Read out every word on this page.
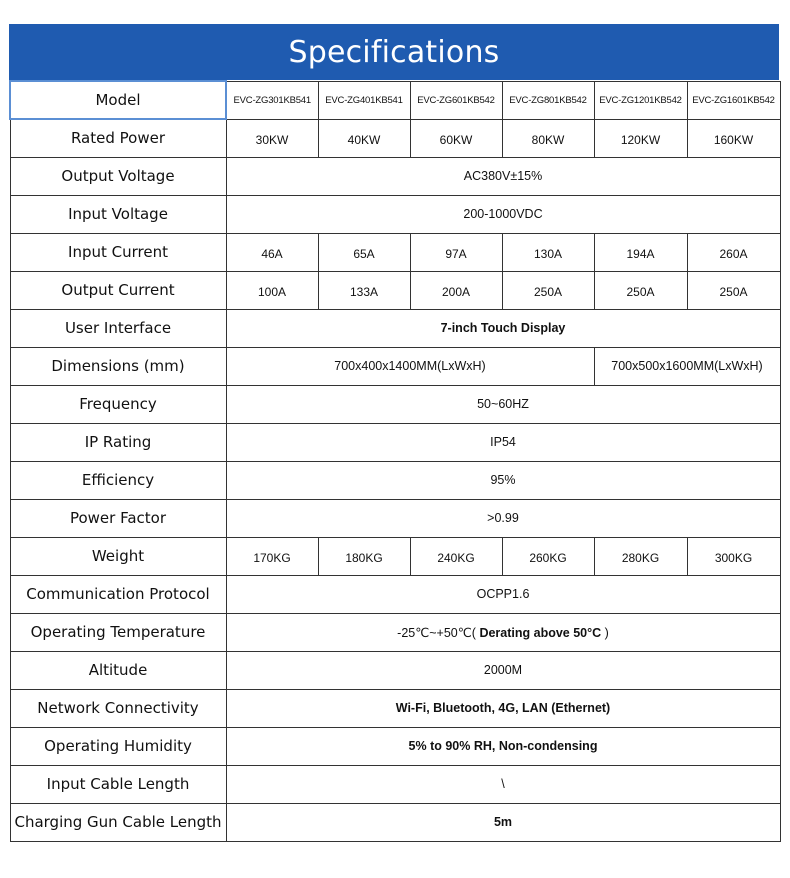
Specifications
Model	EVC-ZG301KB541	EVC-ZG401KB541	EVC-ZG601KB542	EVC-ZG801KB542	EVC-ZG1201KB542	EVC-ZG1601KB542
Rated Power	30KW	40KW	60KW	80KW	120KW	160KW
Output Voltage	AC380V±15%					
Input Voltage	200-1000VDC					
Input Current	46A	65A	97A	130A	194A	260A
Output Current	100A	133A	200A	250A	250A	250A
User Interface	7-inch Touch Display					
Dimensions (mm)	700x400x1400MM(LxWxH)				700x500x1600MM(LxWxH)	
Frequency	50~60HZ					
IP Rating	IP54					
Efficiency	95%					
Power Factor	>0.99					
Weight	170KG	180KG	240KG	260KG	280KG	300KG
Communication Protocol	OCPP1.6					
Operating Temperature	-25℃~+50℃( Derating above 50°C )					
Altitude	2000M					
Network Connectivity	Wi-Fi, Bluetooth, 4G, LAN (Ethernet)					
Operating Humidity	5% to 90% RH, Non-condensing					
Input Cable Length	\					
Charging Gun Cable Length	5m					
